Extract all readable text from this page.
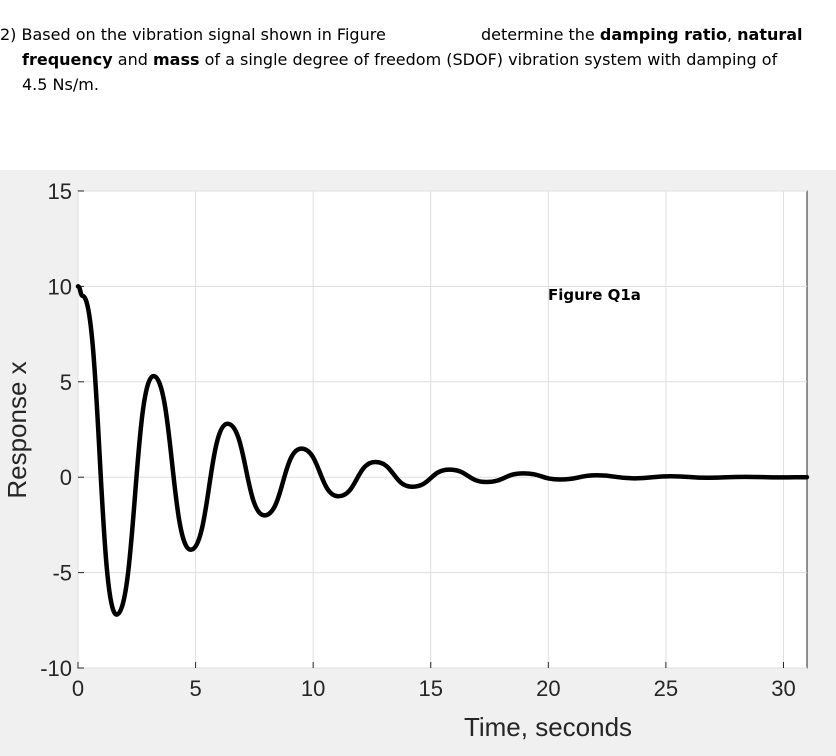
2) Based on the vibration signal shown in Figure	determine the damping ratio, natural
frequency and mass of a single degree of freedom (SDOF) vibration system with damping of
4.5 Ns/m.
0	5	10	15	20	25	30
-10
-5
0
5
10
15
Figure Q1a
Time, seconds
Response x
